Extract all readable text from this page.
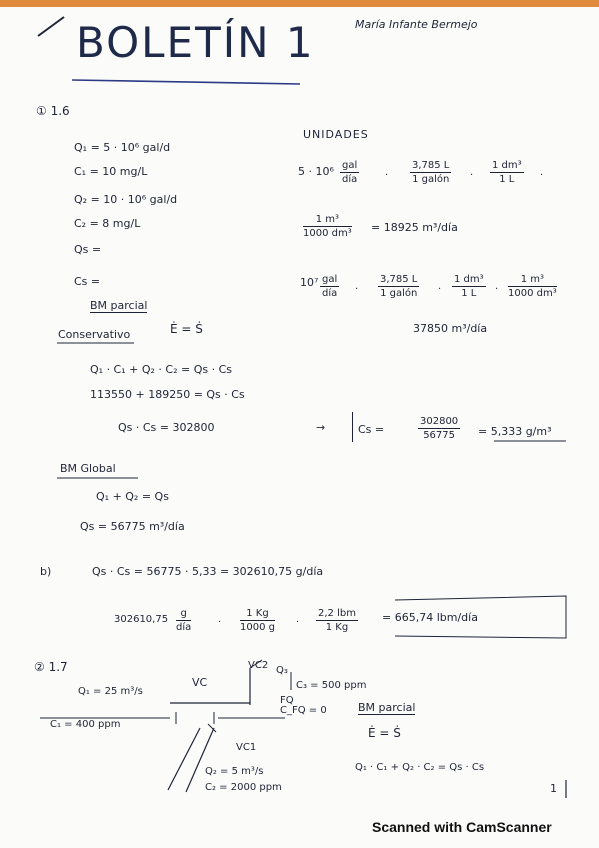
BOLETÍN 1	María Infante Bermejo
① 1.6
Q₁ = 5 · 10⁶ gal/d
C₁ = 10 mg/L
Q₂ = 10 · 10⁶ gal/d
C₂ = 8 mg/L
Qs =
Cs =
UNIDADES
5 · 10⁶ gal
día	·
3,785 L
1 galón ·
1 dm³
1 L	·
1 m³
1000 dm³ = 18925 m³/día
10⁷ gal
día ·
3,785 L
1 galón ·
1 dm³
1 L ·
1 m³
1000 dm³
37850 m³/día
BM parcial
Conservativo	Ė = Ṡ
Q₁ · C₁ + Q₂ · C₂ = Qs · Cs
113550 + 189250 = Qs · Cs
Qs · Cs = 302800	→	Cs =
302800
56775 = 5,333 g/m³
BM Global
Q₁ + Q₂ = Qs
Qs = 56775 m³/día
b)	Qs · Cs = 56775 · 5,33 = 302610,75 g/día
302610,75
g
día	·
1 Kg
1000 g ·
2,2 lbm
1 Kg
= 665,74 lbm/día
② 1.7
Q₁ = 25 m³/s
C₁ = 400 ppm
VC
VC2 Q₃
C₃ = 500 ppm
FQ
C_FQ = 0
VC1
Q₂ = 5 m³/s
C₂ = 2000 ppm
BM parcial
Ė = Ṡ
Q₁ · C₁ + Q₂ · C₂ = Qs · Cs
1
Scanned with CamScanner
